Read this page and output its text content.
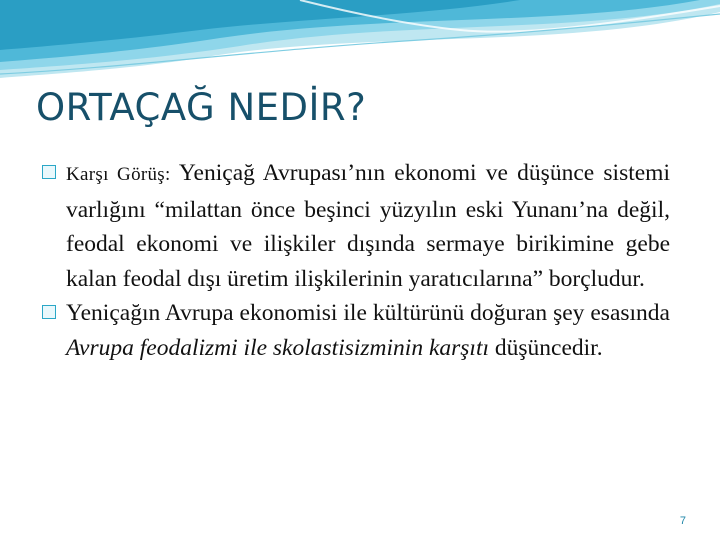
ORTAÇAĞ NEDİR?

Karşı Görüş: Yeniçağ Avrupası’nın ekonomi ve düşünce sistemi varlığını “milattan önce beşinci yüzyılın eski Yunanı’na değil, feodal ekonomi ve ilişkiler dışında sermaye birikimine gebe kalan feodal dışı üretim ilişkilerinin yaratıcılarına” borçludur.

Yeniçağın Avrupa ekonomisi ile kültürünü doğuran şey esasında Avrupa feodalizmi ile skolastisizminin karşıtı düşüncedir.

7
